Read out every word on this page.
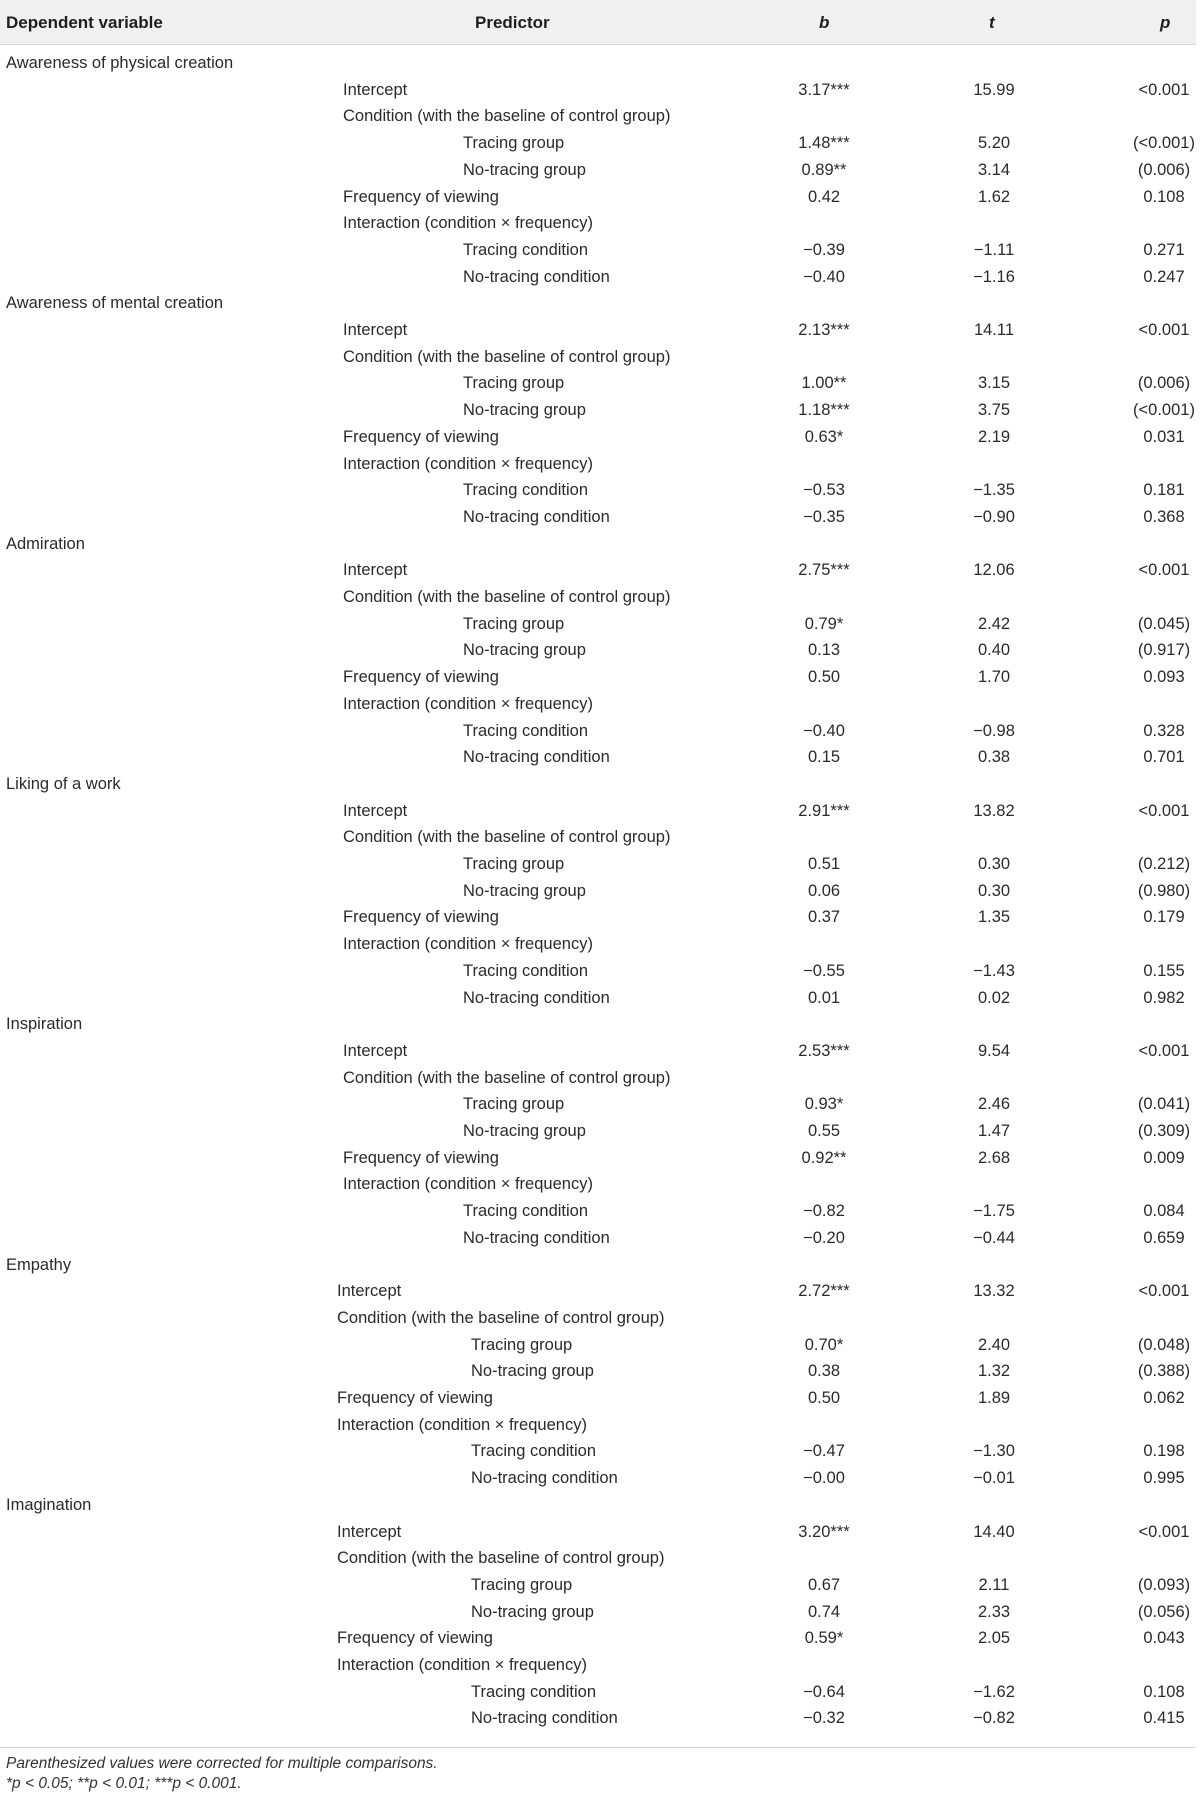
Dependent variable	Predictor	b	t	p
Awareness of physical creation
Intercept	3.17***	15.99	<0.001
Condition (with the baseline of control group)
Tracing group	1.48***	5.20	(<0.001)
No-tracing group	0.89**	3.14	(0.006)
Frequency of viewing	0.42	1.62	0.108
Interaction (condition × frequency)
Tracing condition	−0.39	−1.11	0.271
No-tracing condition	−0.40	−1.16	0.247
Awareness of mental creation
Intercept	2.13***	14.11	<0.001
Condition (with the baseline of control group)
Tracing group	1.00**	3.15	(0.006)
No-tracing group	1.18***	3.75	(<0.001)
Frequency of viewing	0.63*	2.19	0.031
Interaction (condition × frequency)
Tracing condition	−0.53	−1.35	0.181
No-tracing condition	−0.35	−0.90	0.368
Admiration
Intercept	2.75***	12.06	<0.001
Condition (with the baseline of control group)
Tracing group	0.79*	2.42	(0.045)
No-tracing group	0.13	0.40	(0.917)
Frequency of viewing	0.50	1.70	0.093
Interaction (condition × frequency)
Tracing condition	−0.40	−0.98	0.328
No-tracing condition	0.15	0.38	0.701
Liking of a work
Intercept	2.91***	13.82	<0.001
Condition (with the baseline of control group)
Tracing group	0.51	0.30	(0.212)
No-tracing group	0.06	0.30	(0.980)
Frequency of viewing	0.37	1.35	0.179
Interaction (condition × frequency)
Tracing condition	−0.55	−1.43	0.155
No-tracing condition	0.01	0.02	0.982
Inspiration
Intercept	2.53***	9.54	<0.001
Condition (with the baseline of control group)
Tracing group	0.93*	2.46	(0.041)
No-tracing group	0.55	1.47	(0.309)
Frequency of viewing	0.92**	2.68	0.009
Interaction (condition × frequency)
Tracing condition	−0.82	−1.75	0.084
No-tracing condition	−0.20	−0.44	0.659
Empathy
Intercept	2.72***	13.32	<0.001
Condition (with the baseline of control group)
Tracing group	0.70*	2.40	(0.048)
No-tracing group	0.38	1.32	(0.388)
Frequency of viewing	0.50	1.89	0.062
Interaction (condition × frequency)
Tracing condition	−0.47	−1.30	0.198
No-tracing condition	−0.00	−0.01	0.995
Imagination
Intercept	3.20***	14.40	<0.001
Condition (with the baseline of control group)
Tracing group	0.67	2.11	(0.093)
No-tracing group	0.74	2.33	(0.056)
Frequency of viewing	0.59*	2.05	0.043
Interaction (condition × frequency)
Tracing condition	−0.64	−1.62	0.108
No-tracing condition	−0.32	−0.82	0.415
Parenthesized values were corrected for multiple comparisons.
*p < 0.05; **p < 0.01; ***p < 0.001.
